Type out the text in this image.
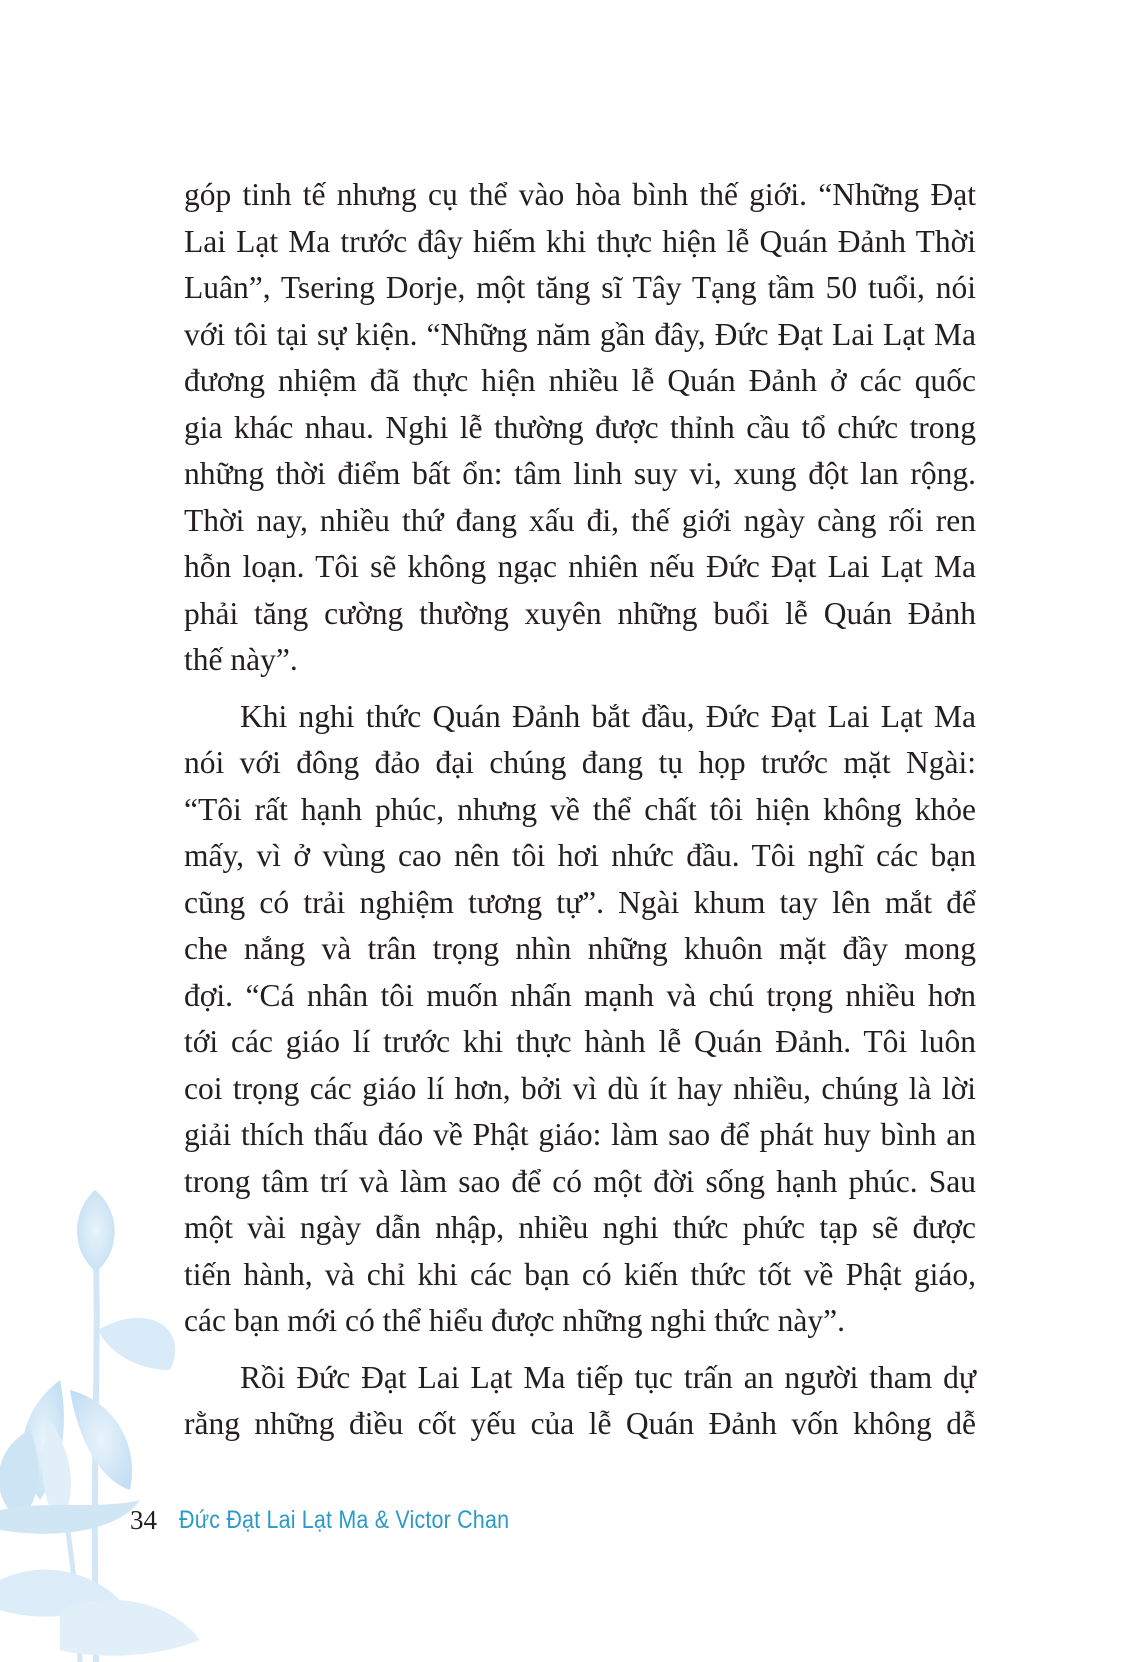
góp tinh tế nhưng cụ thể vào hòa bình thế giới. “Những Đạt
Lai Lạt Ma trước đây hiếm khi thực hiện lễ Quán Đảnh Thời
Luân”, Tsering Dorje, một tăng sĩ Tây Tạng tầm 50 tuổi, nói
với tôi tại sự kiện. “Những năm gần đây, Đức Đạt Lai Lạt Ma
đương nhiệm đã thực hiện nhiều lễ Quán Đảnh ở các quốc
gia khác nhau. Nghi lễ thường được thỉnh cầu tổ chức trong
những thời điểm bất ổn: tâm linh suy vi, xung đột lan rộng.
Thời nay, nhiều thứ đang xấu đi, thế giới ngày càng rối ren
hỗn loạn. Tôi sẽ không ngạc nhiên nếu Đức Đạt Lai Lạt Ma
phải tăng cường thường xuyên những buổi lễ Quán Đảnh
thế này”.

Khi nghi thức Quán Đảnh bắt đầu, Đức Đạt Lai Lạt Ma
nói với đông đảo đại chúng đang tụ họp trước mặt Ngài:
“Tôi rất hạnh phúc, nhưng về thể chất tôi hiện không khỏe
mấy, vì ở vùng cao nên tôi hơi nhức đầu. Tôi nghĩ các bạn
cũng có trải nghiệm tương tự”. Ngài khum tay lên mắt để
che nắng và trân trọng nhìn những khuôn mặt đầy mong
đợi. “Cá nhân tôi muốn nhấn mạnh và chú trọng nhiều hơn
tới các giáo lí trước khi thực hành lễ Quán Đảnh. Tôi luôn
coi trọng các giáo lí hơn, bởi vì dù ít hay nhiều, chúng là lời
giải thích thấu đáo về Phật giáo: làm sao để phát huy bình an
trong tâm trí và làm sao để có một đời sống hạnh phúc. Sau
một vài ngày dẫn nhập, nhiều nghi thức phức tạp sẽ được
tiến hành, và chỉ khi các bạn có kiến thức tốt về Phật giáo,
các bạn mới có thể hiểu được những nghi thức này”.

Rồi Đức Đạt Lai Lạt Ma tiếp tục trấn an người tham dự
rằng những điều cốt yếu của lễ Quán Đảnh vốn không dễ

34 Đức Đạt Lai Lạt Ma & Victor Chan
